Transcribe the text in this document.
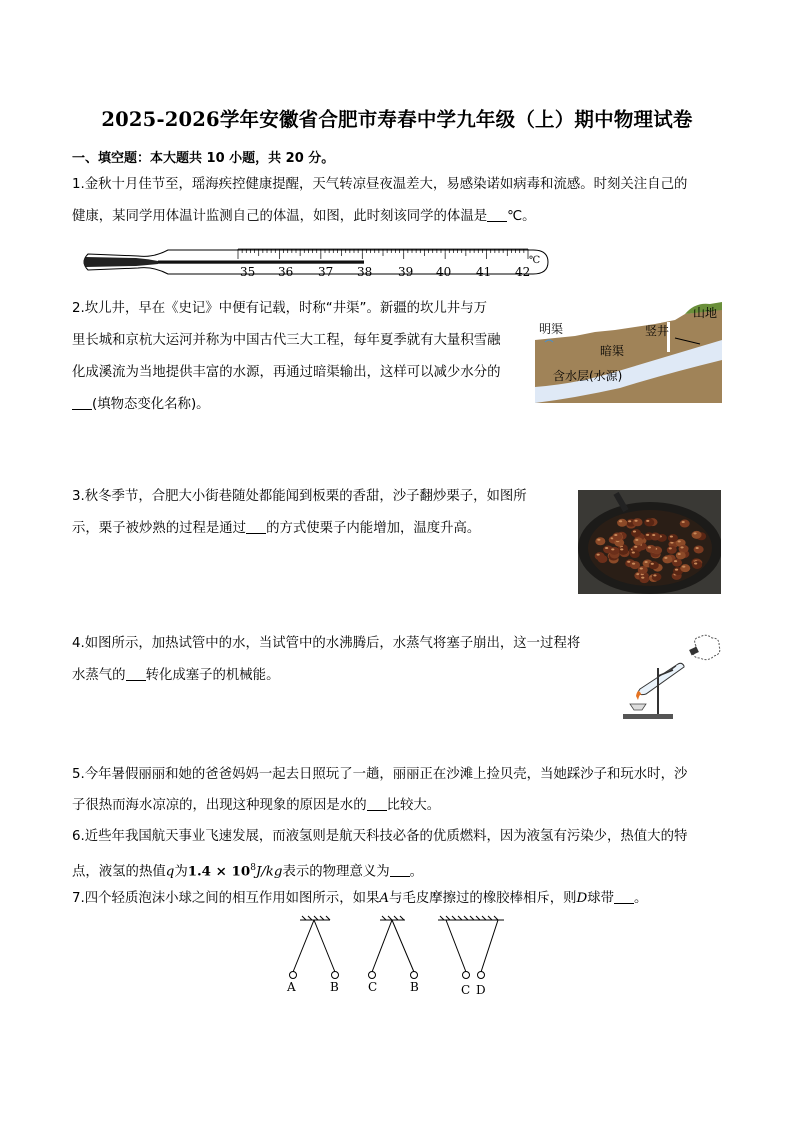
2025-2026学年安徽省合肥市寿春中学九年级（上）期中物理试卷
一、填空题：本大题共 10 小题，共 20 分。
1.金秋十月佳节至，瑶海疾控健康提醒，天气转凉昼夜温差大，易感染诺如病毒和流感。时刻关注自己的
健康，某同学用体温计监测自己的体温，如图，此时刻该同学的体温是 ℃。
35 36 37 38 39 40 41 42
℃
2.坎儿井，早在《史记》中便有记载，时称“井渠”。新疆的坎儿井与万
里长城和京杭大运河并称为中国古代三大工程，每年夏季就有大量积雪融
化成溪流为当地提供丰富的水源，再通过暗渠输出，这样可以减少水分的
(填物态变化名称)。
明渠	竖井
山地
暗渠
含水层(水源)
3.秋冬季节，合肥大小街巷随处都能闻到板栗的香甜，沙子翻炒栗子，如图所
示，栗子被炒熟的过程是通过 的方式使栗子内能增加，温度升高。
4.如图所示，加热试管中的水，当试管中的水沸腾后，水蒸气将塞子崩出，这一过程将
水蒸气的 转化成塞子的机械能。
5.今年暑假丽丽和她的爸爸妈妈一起去日照玩了一趟，丽丽正在沙滩上捡贝壳，当她踩沙子和玩水时，沙
子很热而海水凉凉的，出现这种现象的原因是水的 比较大。
6.近些年我国航天事业飞速发展，而液氢则是航天科技必备的优质燃料，因为液氢有污染少，热值大的特
点，液氢的热值q为$1.4 \times 10^8J/kg$表示的物理意义为 。
7.四个轻质泡沫小球之间的相互作用如图所示，如果A与毛皮摩擦过的橡胶棒相斥，则D球带 。
A	B C	B	C D
